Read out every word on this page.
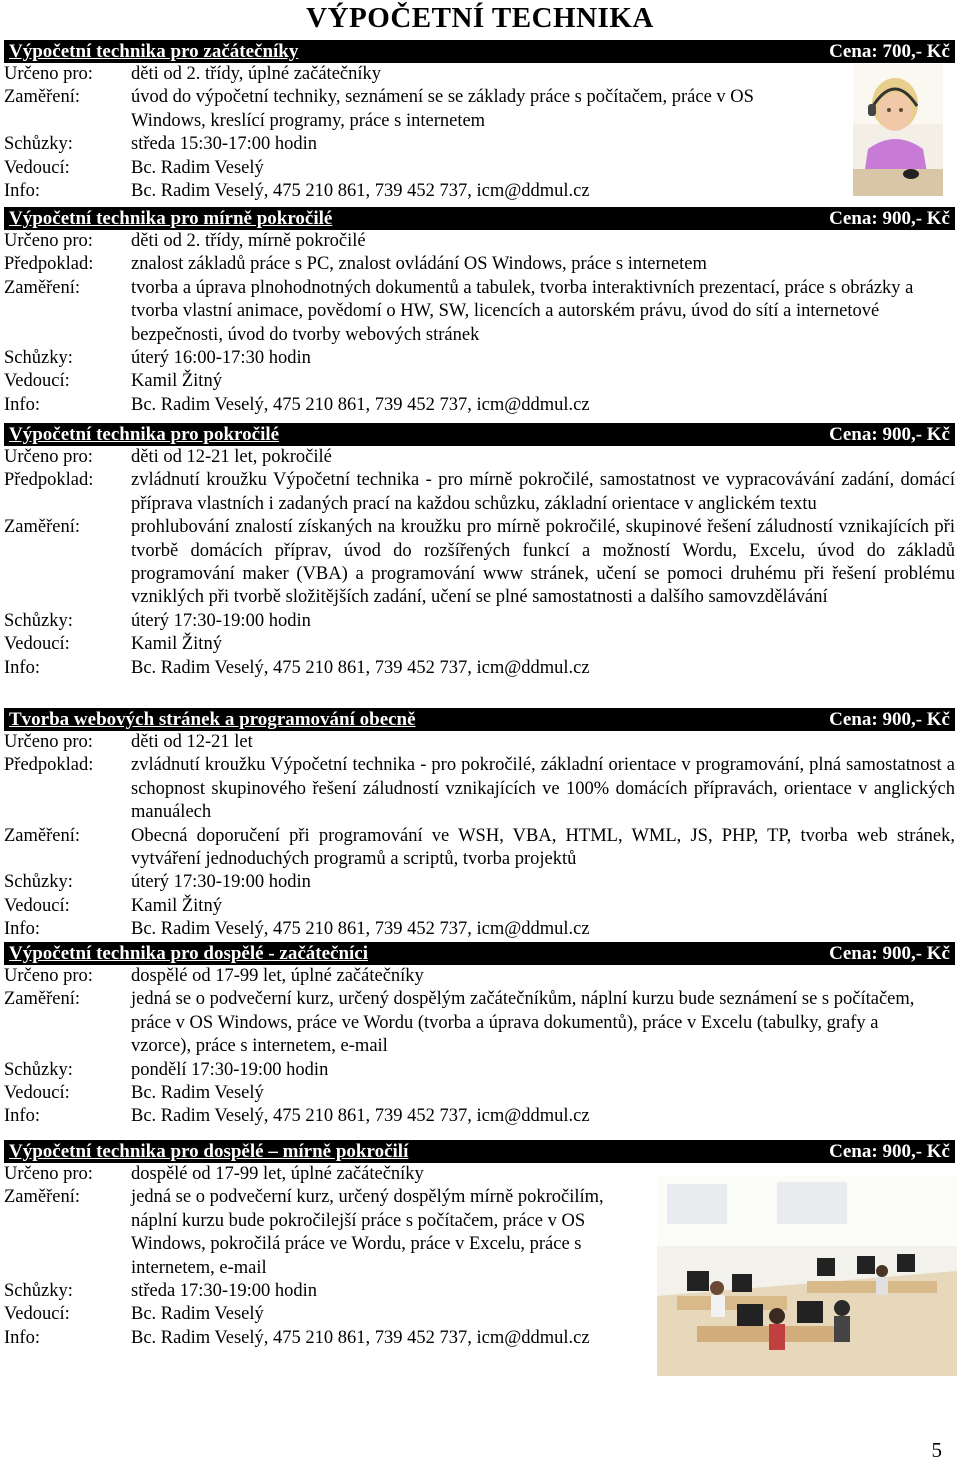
VÝPOČETNÍ TECHNIKA
Výpočetní technika pro začátečníky	Cena: 700,- Kč
Určeno pro:	děti od 2. třídy, úplné začátečníky
Zaměření:	úvod do výpočetní techniky, seznámení se se základy práce s počítačem, práce v OS Windows, kreslící programy, práce s internetem
Schůzky:	středa 15:30-17:00 hodin
Vedoucí:	Bc. Radim Veselý
Info:	Bc. Radim Veselý, 475 210 861, 739 452 737, icm@ddmul.cz
Výpočetní technika pro mírně pokročilé	Cena: 900,- Kč
Určeno pro:	děti od 2. třídy, mírně pokročilé
Předpoklad:	znalost základů práce s PC, znalost ovládání OS Windows, práce s internetem
Zaměření:	tvorba a úprava plnohodnotných dokumentů a tabulek, tvorba interaktivních prezentací, práce s obrázky a tvorba vlastní animace, povědomí o HW, SW, licencích a autorském právu, úvod do sítí a internetové bezpečnosti, úvod do tvorby webových stránek
Schůzky:	úterý 16:00-17:30 hodin
Vedoucí:	Kamil Žitný
Info:	Bc. Radim Veselý, 475 210 861, 739 452 737, icm@ddmul.cz
Výpočetní technika pro pokročilé	Cena: 900,- Kč
Určeno pro:	děti od 12-21 let, pokročilé
Předpoklad:	zvládnutí kroužku Výpočetní technika - pro mírně pokročilé, samostatnost ve vypracovávání zadání, domácí příprava vlastních i zadaných prací na každou schůzku, základní orientace v anglickém textu
Zaměření:	prohlubování znalostí získaných na kroužku pro mírně pokročilé, skupinové řešení záludností vznikajících při tvorbě domácích příprav, úvod do rozšířených funkcí a možností Wordu, Excelu, úvod do základů programování maker (VBA) a programování www stránek, učení se pomoci druhému při řešení problému vzniklých při tvorbě složitějších zadání, učení se plné samostatnosti a dalšího samovzdělávání
Schůzky:	úterý 17:30-19:00 hodin
Vedoucí:	Kamil Žitný
Info:	Bc. Radim Veselý, 475 210 861, 739 452 737, icm@ddmul.cz
Tvorba webových stránek a programování obecně	Cena: 900,- Kč
Určeno pro:	děti od 12-21 let
Předpoklad:	zvládnutí kroužku Výpočetní technika - pro pokročilé, základní orientace v programování, plná samostatnost a schopnost skupinového řešení záludností vznikajících ve 100% domácích přípravách, orientace v anglických manuálech
Zaměření:	Obecná doporučení při programování ve WSH, VBA, HTML, WML, JS, PHP, TP, tvorba web stránek, vytváření jednoduchých programů a scriptů, tvorba projektů
Schůzky:	úterý 17:30-19:00 hodin
Vedoucí:	Kamil Žitný
Info:	Bc. Radim Veselý, 475 210 861, 739 452 737, icm@ddmul.cz
Výpočetní technika pro dospělé - začátečníci	Cena: 900,- Kč
Určeno pro:	dospělé od 17-99 let, úplné začátečníky
Zaměření:	jedná se o podvečerní kurz, určený dospělým začátečníkům, náplní kurzu bude seznámení se s počítačem, práce v OS Windows, práce ve Wordu (tvorba a úprava dokumentů), práce v Excelu (tabulky, grafy a vzorce), práce s internetem, e-mail
Schůzky:	pondělí 17:30-19:00 hodin
Vedoucí:	Bc. Radim Veselý
Info:	Bc. Radim Veselý, 475 210 861, 739 452 737, icm@ddmul.cz
Výpočetní technika pro dospělé – mírně pokročilí	Cena: 900,- Kč
Určeno pro:	dospělé od 17-99 let, úplné začátečníky
Zaměření:	jedná se o podvečerní kurz, určený dospělým mírně pokročilím, náplní kurzu bude pokročilejší práce s počítačem, práce v OS Windows, pokročilá práce ve Wordu, práce v Excelu, práce s internetem, e-mail
Schůzky:	středa 17:30-19:00 hodin
Vedoucí:	Bc. Radim Veselý
Info:	Bc. Radim Veselý, 475 210 861, 739 452 737, icm@ddmul.cz
5
